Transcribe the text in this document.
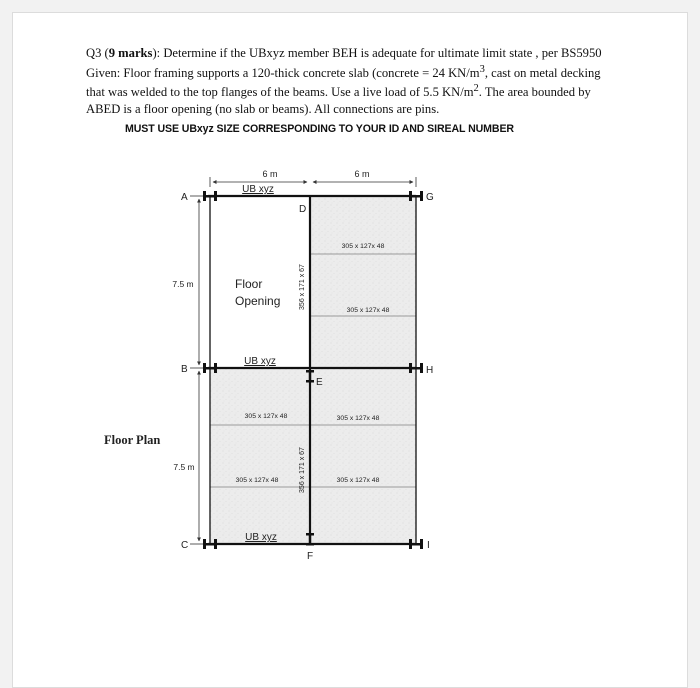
Q3 (9 marks): Determine if the UBxyz member BEH is adequate for ultimate limit state , per BS5950 Given: Floor framing supports a 120-thick concrete slab (concrete = 24 $KN/m^3$, cast on metal decking that was welded to the top flanges of the beams. Use a live load of 5.5 $KN/m^2$. The area bounded by ABED is a floor opening (no slab or beams). All connections are pins.
MUST USE UBxyz SIZE CORRESPONDING TO YOUR ID AND SIREAL NUMBER
Floor Plan
6 m	6 m
7.5 m
7.5 m
A
B
C
D
E
F
G
H
I
UB xyz
UB xyz
UB xyz
305 x 127x 48
305 x 127x 48
305 x 127x 48	305 x 127x 48
305 x 127x 48	305 x 127x 48
356 x 171 x 67
356 x 171 x 67
Floor
Opening
